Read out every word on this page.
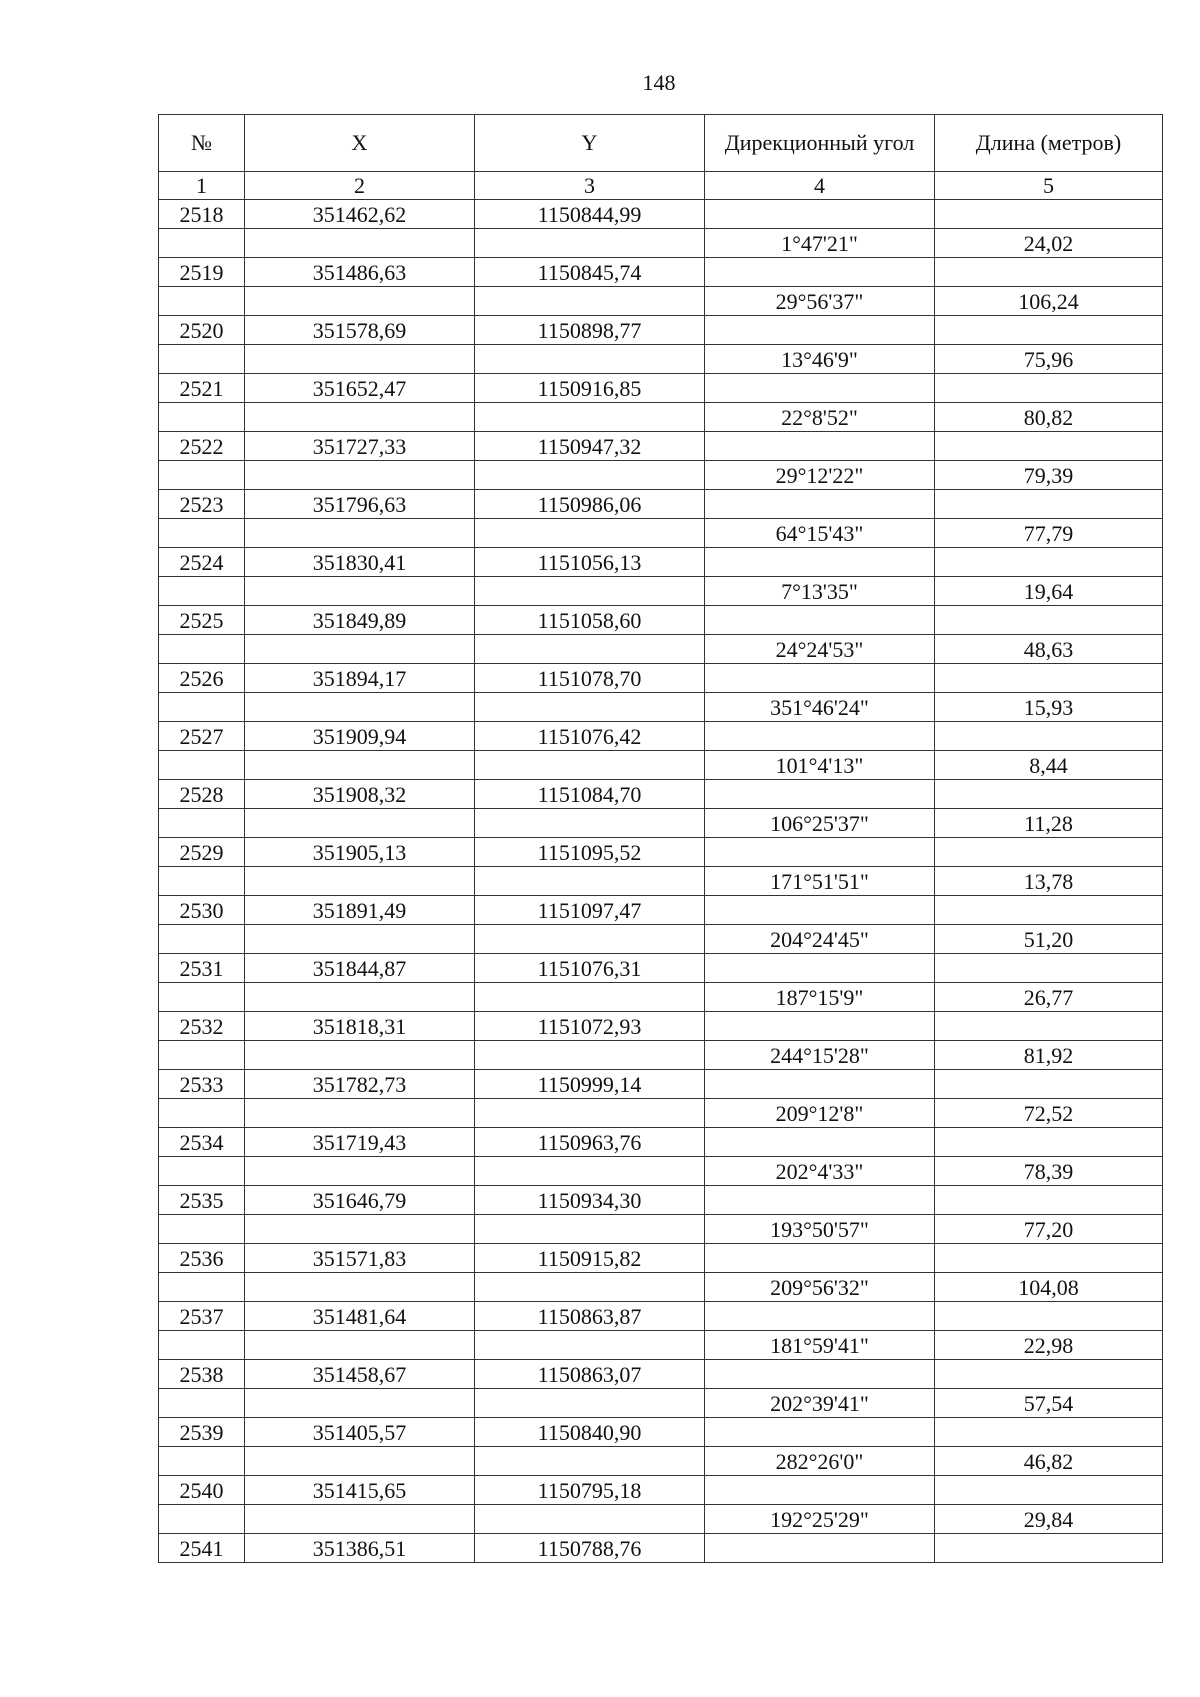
148
№	X	Y	Дирекционный угол	Длина (метров)
1	2	3	4	5
2518	351462,62	1150844,99		
			1°47'21"	24,02
2519	351486,63	1150845,74		
			29°56'37"	106,24
2520	351578,69	1150898,77		
			13°46'9"	75,96
2521	351652,47	1150916,85		
			22°8'52"	80,82
2522	351727,33	1150947,32		
			29°12'22"	79,39
2523	351796,63	1150986,06		
			64°15'43"	77,79
2524	351830,41	1151056,13		
			7°13'35"	19,64
2525	351849,89	1151058,60		
			24°24'53"	48,63
2526	351894,17	1151078,70		
			351°46'24"	15,93
2527	351909,94	1151076,42		
			101°4'13"	8,44
2528	351908,32	1151084,70		
			106°25'37"	11,28
2529	351905,13	1151095,52		
			171°51'51"	13,78
2530	351891,49	1151097,47		
			204°24'45"	51,20
2531	351844,87	1151076,31		
			187°15'9"	26,77
2532	351818,31	1151072,93		
			244°15'28"	81,92
2533	351782,73	1150999,14		
			209°12'8"	72,52
2534	351719,43	1150963,76		
			202°4'33"	78,39
2535	351646,79	1150934,30		
			193°50'57"	77,20
2536	351571,83	1150915,82		
			209°56'32"	104,08
2537	351481,64	1150863,87		
			181°59'41"	22,98
2538	351458,67	1150863,07		
			202°39'41"	57,54
2539	351405,57	1150840,90		
			282°26'0"	46,82
2540	351415,65	1150795,18		
			192°25'29"	29,84
2541	351386,51	1150788,76		
